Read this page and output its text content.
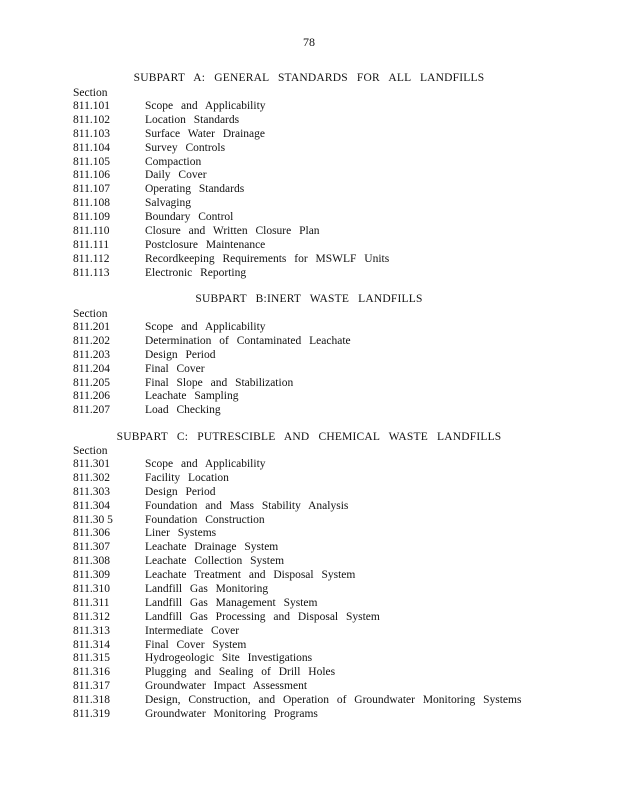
78
SUBPART A: GENERAL STANDARDS FOR ALL LANDFILLS
Section
811.101	Scope and Applicability
811.102	Location Standards
811.103	Surface Water Drainage
811.104	Survey Controls
811.105	Compaction
811.106	Daily Cover
811.107	Operating Standards
811.108	Salvaging
811.109	Boundary Control
811.110	Closure and Written Closure Plan
811.111	Postclosure Maintenance
811.112	Recordkeeping Requirements for MSWLF Units
811.113	Electronic Reporting
SUBPART B:INERT WASTE LANDFILLS
Section
811.201	Scope and Applicability
811.202	Determination of Contaminated Leachate
811.203	Design Period
811.204	Final Cover
811.205	Final Slope and Stabilization
811.206	Leachate Sampling
811.207	Load Checking
SUBPART C: PUTRESCIBLE AND CHEMICAL WASTE LANDFILLS
Section
811.301	Scope and Applicability
811.302	Facility Location
811.303	Design Period
811.304	Foundation and Mass Stability Analysis
811.30 5	Foundation Construction
811.306	Liner Systems
811.307	Leachate Drainage System
811.308	Leachate Collection System
811.309	Leachate Treatment and Disposal System
811.310	Landfill Gas Monitoring
811.311	Landfill Gas Management System
811.312	Landfill Gas Processing and Disposal System
811.313	Intermediate Cover
811.314	Final Cover System
811.315	Hydrogeologic Site Investigations
811.316	Plugging and Sealing of Drill Holes
811.317	Groundwater Impact Assessment
811.318	Design, Construction, and Operation of Groundwater Monitoring Systems
811.319	Groundwater Monitoring Programs
